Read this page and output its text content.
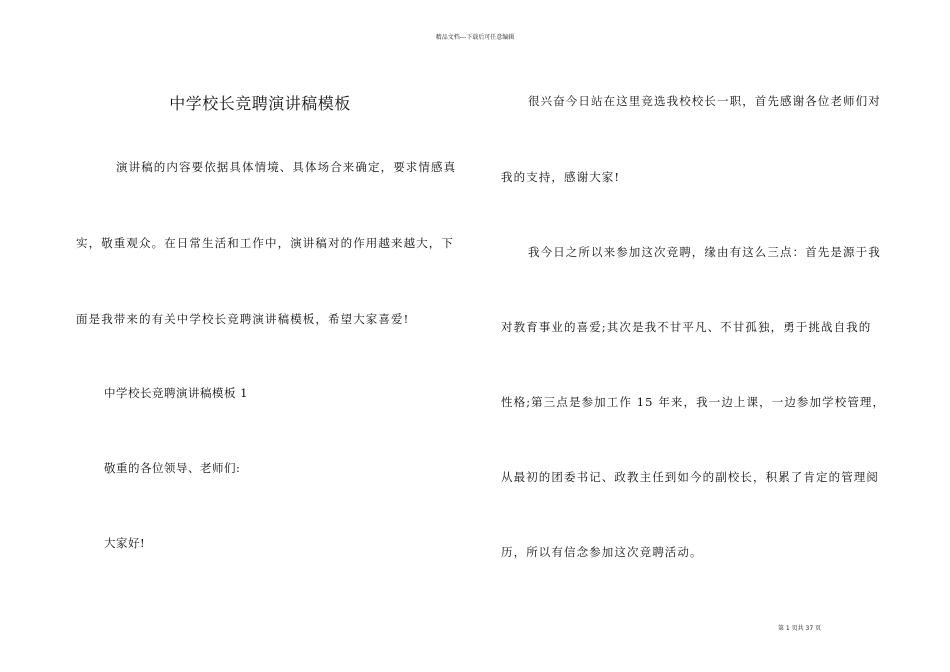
精品文档---下载后可任意编辑
中学校长竞聘演讲稿模板
演讲稿的内容要依据具体情境、具体场合来确定，要求情感真
实，敬重观众。在日常生活和工作中，演讲稿对的作用越来越大，下
面是我带来的有关中学校长竞聘演讲稿模板，希望大家喜爱!
中学校长竞聘演讲稿模板 1
敬重的各位领导、老师们:
大家好!
很兴奋今日站在这里竞选我校校长一职，首先感谢各位老师们对
我的支持，感谢大家!
我今日之所以来参加这次竞聘，缘由有这么三点：首先是源于我
对教育事业的喜爱;其次是我不甘平凡、不甘孤独，勇于挑战自我的
性格;第三点是参加工作 15 年来，我一边上课，一边参加学校管理，
从最初的团委书记、政教主任到如今的副校长，积累了肯定的管理阅
历，所以有信念参加这次竞聘活动。
第 1 页共 37 页
